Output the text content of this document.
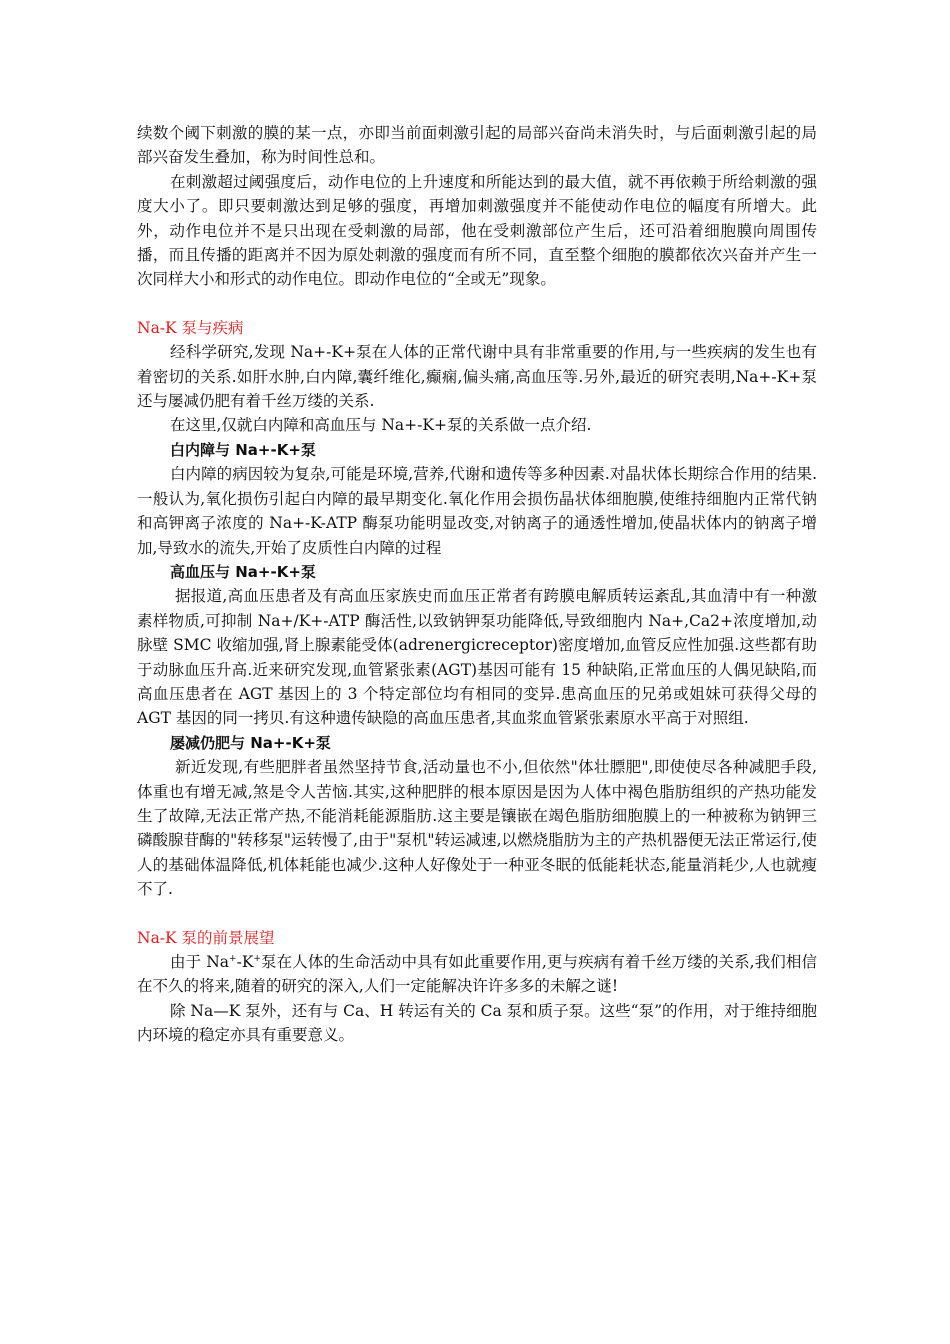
续数个阈下刺激的膜的某一点，亦即当前面刺激引起的局部兴奋尚未消失时，与后面刺激引起的局部兴奋发生叠加，称为时间性总和。

在刺激超过阈强度后，动作电位的上升速度和所能达到的最大值，就不再依赖于所给刺激的强度大小了。即只要刺激达到足够的强度，再增加刺激强度并不能使动作电位的幅度有所增大。此外，动作电位并不是只出现在受刺激的局部，他在受刺激部位产生后，还可沿着细胞膜向周围传播，而且传播的距离并不因为原处刺激的强度而有所不同，直至整个细胞的膜都依次兴奋并产生一次同样大小和形式的动作电位。即动作电位的“全或无”现象。

Na-K 泵与疾病

经科学研究,发现 Na+-K+泵在人体的正常代谢中具有非常重要的作用,与一些疾病的发生也有着密切的关系.如肝水肿,白内障,囊纤维化,癫痫,偏头痛,高血压等.另外,最近的研究表明,Na+-K+泵还与屡减仍肥有着千丝万缕的关系.

在这里,仅就白内障和高血压与 Na+-K+泵的关系做一点介绍.

白内障与 Na+-K+泵

白内障的病因较为复杂,可能是环境,营养,代谢和遗传等多种因素.对晶状体长期综合作用的结果.一般认为,氧化损伤引起白内障的最早期变化.氧化作用会损伤晶状体细胞膜,使维持细胞内正常代钠和高钾离子浓度的 Na+-K-ATP 酶泵功能明显改变,对钠离子的通透性增加,使晶状体内的钠离子增加,导致水的流失,开始了皮质性白内障的过程

高血压与 Na+-K+泵

据报道,高血压患者及有高血压家族史而血压正常者有跨膜电解质转运紊乱,其血清中有一种激素样物质,可抑制 Na+/K+-ATP 酶活性,以致钠钾泵功能降低,导致细胞内 Na+,Ca2+浓度增加,动脉壁 SMC 收缩加强,肾上腺素能受体(adrenergicreceptor)密度增加,血管反应性加强.这些都有助于动脉血压升高.近来研究发现,血管紧张素(AGT)基因可能有 15 种缺陷,正常血压的人偶见缺陷,而高血压患者在 AGT 基因上的 3 个特定部位均有相同的变异.患高血压的兄弟或姐妹可获得父母的 AGT 基因的同一拷贝.有这种遗传缺隐的高血压患者,其血浆血管紧张素原水平高于对照组.

屡减仍肥与 Na+-K+泵

新近发现,有些肥胖者虽然坚持节食,活动量也不小,但依然"体壮膘肥",即使使尽各种减肥手段,体重也有增无减,煞是令人苦恼.其实,这种肥胖的根本原因是因为人体中褐色脂肪组织的产热功能发生了故障,无法正常产热,不能消耗能源脂肪.这主要是镶嵌在竭色脂肪细胞膜上的一种被称为钠钾三磷酸腺苷酶的"转移泵"运转慢了,由于"泵机"转运减速,以燃烧脂肪为主的产热机器便无法正常运行,使人的基础体温降低,机体耗能也减少.这种人好像处于一种亚冬眠的低能耗状态,能量消耗少,人也就瘦不了.

Na-K 泵的前景展望

由于 Na+-K+泵在人体的生命活动中具有如此重要作用,更与疾病有着千丝万缕的关系,我们相信在不久的将来,随着的研究的深入,人们一定能解决许许多多的未解之谜!

除 Na—K 泵外，还有与 Ca、H 转运有关的 Ca 泵和质子泵。这些“泵”的作用，对于维持细胞内环境的稳定亦具有重要意义。
